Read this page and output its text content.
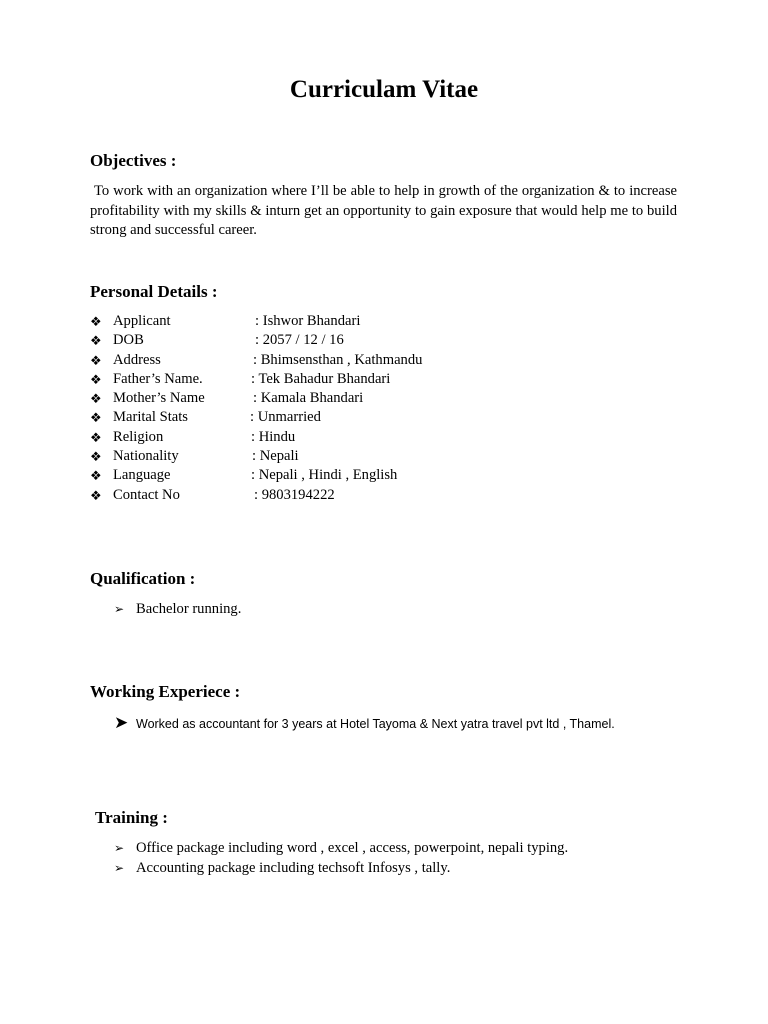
Curriculam Vitae
Objectives :
To work with an organization where I’ll be able to help in growth of the organization & to increase profitability with my skills & inturn get an opportunity to gain exposure that would help me to build strong and successful career.
Personal Details :
❖ Applicant	: Ishwor Bhandari
❖ DOB	: 2057 / 12 / 16
❖ Address	: Bhimsensthan , Kathmandu
❖ Father’s Name.	: Tek Bahadur Bhandari
❖ Mother’s Name	: Kamala Bhandari
❖ Marital Stats	: Unmarried
❖ Religion	: Hindu
❖ Nationality	: Nepali
❖ Language	: Nepali , Hindi , English
❖ Contact No	: 9803194222
Qualification :
➢ Bachelor running.
Working Experiece :
➤ Worked as accountant for 3 years at Hotel Tayoma & Next yatra travel pvt ltd , Thamel.
Training :
➢ Office package including word , excel , access, powerpoint, nepali typing.
➢ Accounting package including techsoft Infosys , tally.
